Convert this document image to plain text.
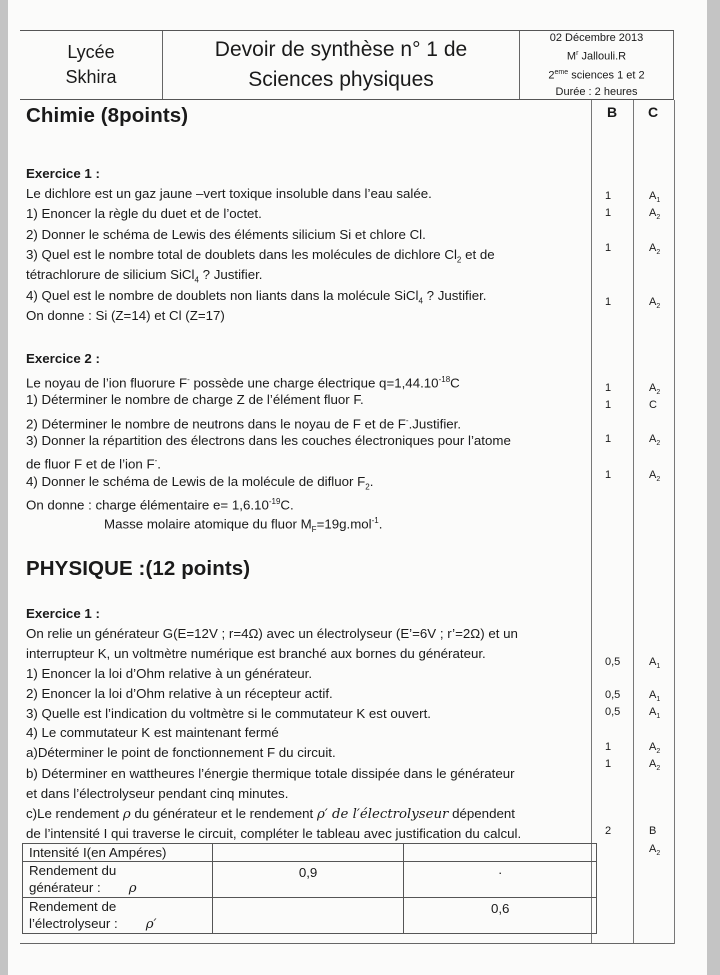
Lycée
Skhira
Devoir de synthèse n° 1 de
Sciences physiques
02 Décembre 2013
$M^r$ Jallouli.R
2eme sciences 1 et 2
Durée : 2 heures
B C
Chimie (8points)
Exercice 1 :
Le dichlore est un gaz jaune –vert toxique insoluble dans l’eau salée.
1) Enoncer la règle du duet et de l’octet.
2) Donner le schéma de Lewis des éléments silicium Si et chlore Cl.
3) Quel est le nombre total de doublets dans les molécules de dichlore $Cl_2$ et de
tétrachlorure de silicium SiCl$_4$ ? Justifier.
4) Quel est le nombre de doublets non liants dans la molécule SiCl$_4$ ? Justifier.
On donne : Si (Z=14) et Cl (Z=17)
1	$A_1$
1	$A_2$
1	$A_2$
1	$A_2$
Exercice 2 :
Le noyau de l’ion fluorure F- possède une charge électrique $q=1,44.10^{-18}C$
1) Déterminer le nombre de charge Z de l’élément fluor F.
2) Déterminer le nombre de neutrons dans le noyau de F et de F-.Justifier.
3) Donner la répartition des électrons dans les couches électroniques pour l’atome
de fluor F et de l’ion F-.
4) Donner le schéma de Lewis de la molécule de difluor $F_2$.
On donne : charge élémentaire $e= 1,6.10^{-19}C$.
Masse molaire atomique du fluor $M_F=19g.mol^{-1}$.
1	$A_2$
1	C
1	$A_2$
1	$A_2$
PHYSIQUE :(12 points)
Exercice 1 :
On relie un générateur G(E=12V ; r=4Ω) avec un électrolyseur (E’=6V ; r’=2Ω) et un
interrupteur K, un voltmètre numérique est branché aux bornes du générateur.
1) Enoncer la loi d’Ohm relative à un générateur.
2) Enoncer la loi d’Ohm relative à un récepteur actif.
3) Quelle est l’indication du voltmètre si le commutateur K est ouvert.
4) Le commutateur K est maintenant fermé
a)Déterminer le point de fonctionnement F du circuit.
b) Déterminer en wattheures l’énergie thermique totale dissipée dans le générateur
et dans l’électrolyseur pendant cinq minutes.
c)Le rendement ρ du générateur et le rendement ρ′ de l′électrolyseur dépendent
de l’intensité I qui traverse le circuit, compléter le tableau avec justification du calcul.
0,5	$A_1$
0,5	$A_1$
0,5	$A_1$
1	$A_2$
1	$A_2$
2	B
$A_2$
Intensité I(en Ampéres)		

Rendement du
générateur : ρ	0,9	·

Rendement de
l’électrolyseur : ρ′		0,6
